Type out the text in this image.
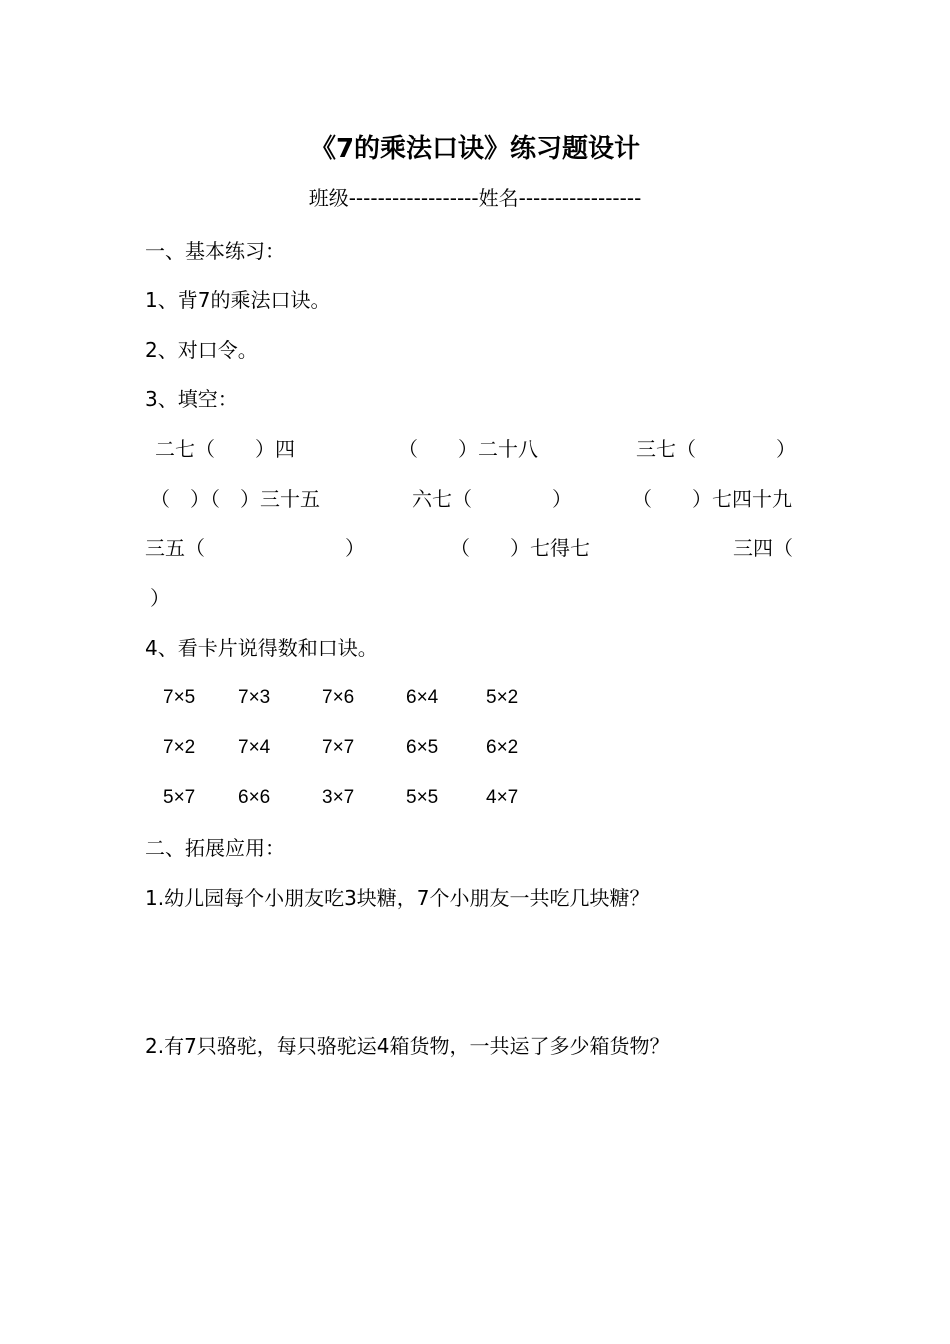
《7的乘法口诀》练习题设计
班级------------------姓名-----------------
一、基本练习：
1、背7的乘法口诀。
2、对口令。
3、填空：
二七（　　）四	（　　）二十八	三七（　　　　）
（　）（　）三十五	六七（　　　　）	（　　）七四十九
三五（	）	（　　）七得七	三四（
）
4、看卡片说得数和口诀。
7×5 7×3	7×6	6×4	5×2
7×2 7×4	7×7	6×5	6×2
5×7 6×6	3×7	5×5	4×7
二、拓展应用：
1.幼儿园每个小朋友吃3块糖，7个小朋友一共吃几块糖？
2.有7只骆驼，每只骆驼运4箱货物，一共运了多少箱货物？
